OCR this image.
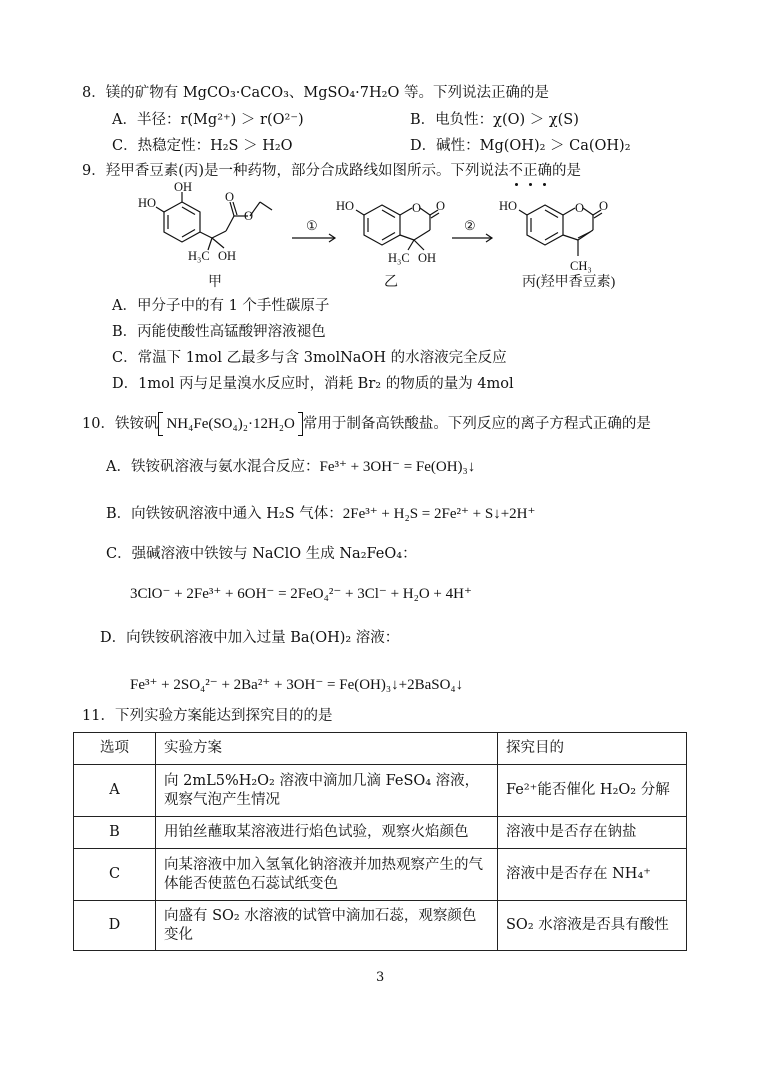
8．镁的矿物有 MgCO₃·CaCO₃、MgSO₄·7H₂O 等。下列说法正确的是
A．半径：r(Mg²⁺) ＞ r(O²⁻)	B．电负性：χ(O) ＞ χ(S)
C．热稳定性：H₂S ＞ H₂O	D．碱性：Mg(OH)₂ ＞ Ca(OH)₂
9．羟甲香豆素(丙)是一种药物，部分合成路线如图所示。下列说法不正确
的是
HO
OH
O
O
H₃C OH
①
HO	O O
H₃C OH
②
HO	O O
CH₃
甲	乙	丙(羟甲香豆素)
A．甲分子中的有 1 个手性碳原子
B．丙能使酸性高锰酸钾溶液褪色
C．常温下 1mol 乙最多与含 3molNaOH 的水溶液完全反应
D．1mol 丙与足量溴水反应时，消耗 Br₂ 的物质的量为 4mol
10．铁铵矾 NH₄Fe(SO₄)₂·12H₂O 常用于制备高铁酸盐。下列反应的离子方程式正确的是
A．铁铵矾溶液与氨水混合反应：Fe³⁺ + 3OH⁻ = Fe(OH)₃↓
B．向铁铵矾溶液中通入 H₂S 气体：2Fe³⁺ + H₂S = 2Fe²⁺ + S↓+2H⁺
C．强碱溶液中铁铵与 NaClO 生成 Na₂FeO₄：
3ClO⁻ + 2Fe³⁺ + 6OH⁻ = 2FeO₄²⁻ + 3Cl⁻ + H₂O + 4H⁺
D．向铁铵矾溶液中加入过量 Ba(OH)₂ 溶液：
Fe³⁺ + 2SO₄²⁻ + 2Ba²⁺ + 3OH⁻ = Fe(OH)₃↓+2BaSO₄↓
11．下列实验方案能达到探究目的的是
选项	实验方案	探究目的
A	向 2mL5%H₂O₂ 溶液中滴加几滴 FeSO₄ 溶液，观察气泡产生情况	Fe²⁺能否催化 H₂O₂ 分解
B	用铂丝蘸取某溶液进行焰色试验，观察火焰颜色	溶液中是否存在钠盐
C	向某溶液中加入氢氧化钠溶液并加热观察产生的气体能否使蓝色石蕊试纸变色	溶液中是否存在 NH₄⁺
D	向盛有 SO₂ 水溶液的试管中滴加石蕊，观察颜色变化	SO₂ 水溶液是否具有酸性
3
